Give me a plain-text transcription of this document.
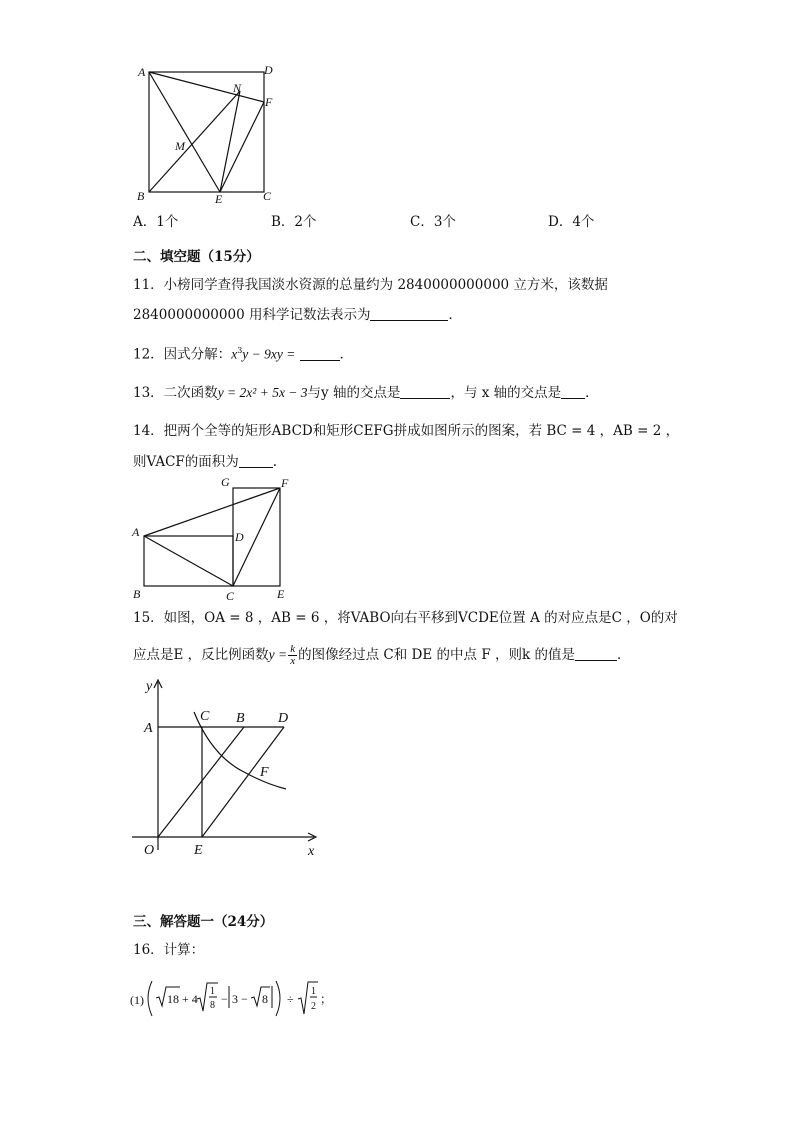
A	D
F
N
M
B	E	C
A．1个	B．2个	C．3个	D．4个
二、填空题（15分）
11．小榜同学查得我国淡水资源的总量约为 2840000000000 立方米，该数据
2840000000000 用科学记数法表示为	．
12．因式分解：$x^3y - 9xy$ =	．
13．二次函数y = 2x² + 5x − 3与y 轴的交点是	，与 x 轴的交点是 ．
14．把两个全等的矩形ABCD和矩形CEFG拼成如图所示的图案，若 BC = 4 ，AB = 2 ，
则VACF的面积为	.
G	F
A	D
B	C	E
15．如图，OA = 8 ，AB = 6 ，将VABO向右平移到VCDE位置 A 的对应点是C ，O的对
应点是E ，反比例函数$y = \frac{k}{x}$ 的图像经过点 C和 DE 的中点 F ，则k 的值是	．
y
x
O
A
C B D
F
E
三、解答题一（24分）
16．计算：
(1) 18 + 4
1
8 − 3 − 8 ÷
1
2
；
